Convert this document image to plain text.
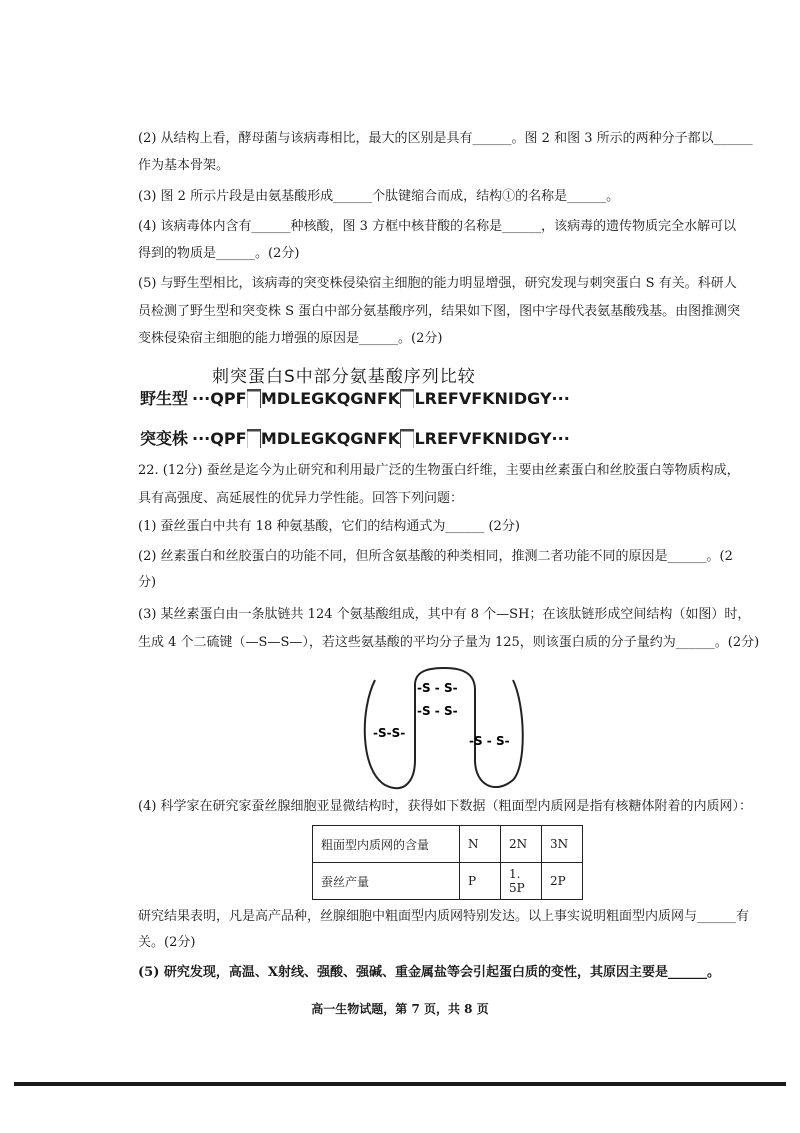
(2) 从结构上看，酵母菌与该病毒相比，最大的区别是具有______。图 2 和图 3 所示的两种分子都以______
作为基本骨架。
(3) 图 2 所示片段是由氨基酸形成______个肽键缩合而成，结构①的名称是______。
(4) 该病毒体内含有______种核酸，图 3 方框中核苷酸的名称是______，该病毒的遗传物质完全水解可以
得到的物质是______。(2分)
(5) 与野生型相比，该病毒的突变株侵染宿主细胞的能力明显增强，研究发现与刺突蛋白 S 有关。科研人
员检测了野生型和突变株 S 蛋白中部分氨基酸序列，结果如下图，图中字母代表氨基酸残基。由图推测突
变株侵染宿主细胞的能力增强的原因是______。(2分)
刺突蛋白S中部分氨基酸序列比较
野生型 ···QPF▇MDLEGKQGNFK▇LREFVFKNIDGY···
突变株 ···QPF▇MDLEGKQGNFK▇LREFVFKNIDGY···
22. (12分) 蚕丝是迄今为止研究和利用最广泛的生物蛋白纤维，主要由丝素蛋白和丝胶蛋白等物质构成，
具有高强度、高延展性的优异力学性能。回答下列问题：
(1) 蚕丝蛋白中共有 18 种氨基酸，它们的结构通式为______ (2分)
(2) 丝素蛋白和丝胶蛋白的功能不同，但所含氨基酸的种类相同，推测二者功能不同的原因是______。(2
分)
(3) 某丝素蛋白由一条肽链共 124 个氨基酸组成，其中有 8 个—SH；在该肽链形成空间结构（如图）时，
生成 4 个二硫键（—S—S—），若这些氨基酸的平均分子量为 125，则该蛋白质的分子量约为______。(2分)
-S - S-
-S - S-
-S-S-
-S - S-
(4) 科学家在研究家蚕丝腺细胞亚显微结构时，获得如下数据（粗面型内质网是指有核糖体附着的内质网）：
粗面型内质网的含量	N	2N	3N
蚕丝产量	P	1. 5P	2P
研究结果表明，凡是高产品种，丝腺细胞中粗面型内质网特别发达。以上事实说明粗面型内质网与______有
关。(2分)
(5) 研究发现，高温、X射线、强酸、强碱、重金属盐等会引起蛋白质的变性，其原因主要是______。
高一生物试题，第 7 页，共 8 页
